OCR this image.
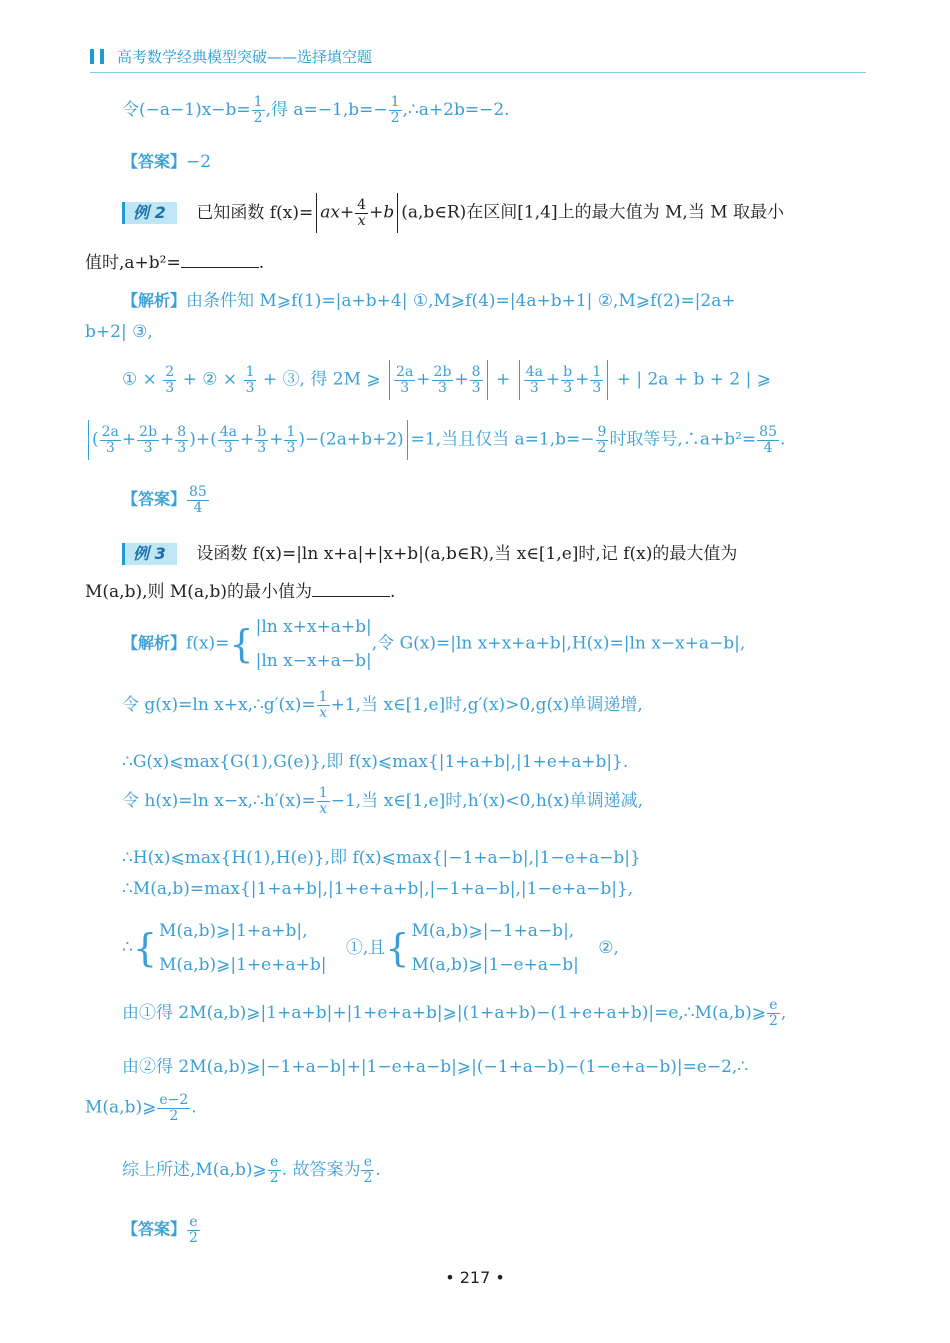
高考数学经典模型突破——选择填空题
令$(-a-1)x-b= \frac{1}{2}$ ,得 $a=-1,b=- \frac{1}{2}$ ,∴a+2b=−2.
【答案】−2
例 2 已知函数 $f(x)= ax+ \frac{4}{x} +b$ (a,b∈R)在区间[1,4]上的最大值为 M,当 M 取最小
值时,a+b²=	.
【解析】由条件知 M⩾f(1)=|a+b+4| ①,M⩾f(4)=|4a+b+1| ②,M⩾f(2)=|2a+
b+2| ③,
① × $\frac{2}{3}$ + ② × $\frac{1}{3}$ + ③, 得 2M ⩾ $\frac{2a}{3} + \frac{2b}{3} + \frac{8}{3} + \frac{4a}{3} + \frac{b}{3} + \frac{1}{3}$ + | 2a + b + 2 | ⩾
( $\frac{2a}{3} + \frac{2b}{3} + \frac{8}{3}$ )+( $\frac{4a}{3} + \frac{b}{3} + \frac{1}{3} )-(2a+b+2) =1$,当且仅当 $a=1,b=- \frac{9}{2}$ 时取等号,∴a+b²= $\frac{85}{4}$ .
【答案】 $\frac{85}{4}$
例 3 设函数 f(x)=|ln x+a|+|x+b|(a,b∈R),当 x∈[1,e]时,记 f(x)的最大值为
M(a,b),则 M(a,b)的最小值为	.
【解析】f(x)={ |ln x+x+a+b|
|ln x−x+a−b|
,令 G(x)=|ln x+x+a+b|,H(x)=|ln x−x+a−b|,
令 g(x)=ln x+x,∴g′(x)= $\frac{1}{x} +1$,当 x∈[1,e]时,g′(x)>0,g(x)单调递增,
∴G(x)⩽max{G(1),G(e)},即 f(x)⩽max{|1+a+b|,|1+e+a+b|}.
令 h(x)=ln x−x,∴h′(x)= $\frac{1}{x} -1$,当 x∈[1,e]时,h′(x)<0,h(x)单调递减,
∴H(x)⩽max{H(1),H(e)},即 f(x)⩽max{|−1+a−b|,|1−e+a−b|}
∴M(a,b)=max{|1+a+b|,|1+e+a+b|,|−1+a−b|,|1−e+a−b|},
∴{ M(a,b)⩾|1+a+b|,
M(a,b)⩾|1+e+a+b|
①,且{ M(a,b)⩾|−1+a−b|,
M(a,b)⩾|1−e+a−b|
②,
由①得 2M(a,b)⩾|1+a+b|+|1+e+a+b|⩾|(1+a+b)−(1+e+a+b)|=e,∴M(a,b)⩾ $\frac{e}{2}$ ,
由②得 2M(a,b)⩾|−1+a−b|+|1−e+a−b|⩾|(−1+a−b)−(1−e+a−b)|=e−2,∴
M(a,b)⩾ $\frac{e-2}{2}$ .
综上所述,M(a,b)⩾ $\frac{e}{2}$ . 故答案为 $\frac{e}{2}$ .
【答案】 $\frac{e}{2}$
• 217 •
